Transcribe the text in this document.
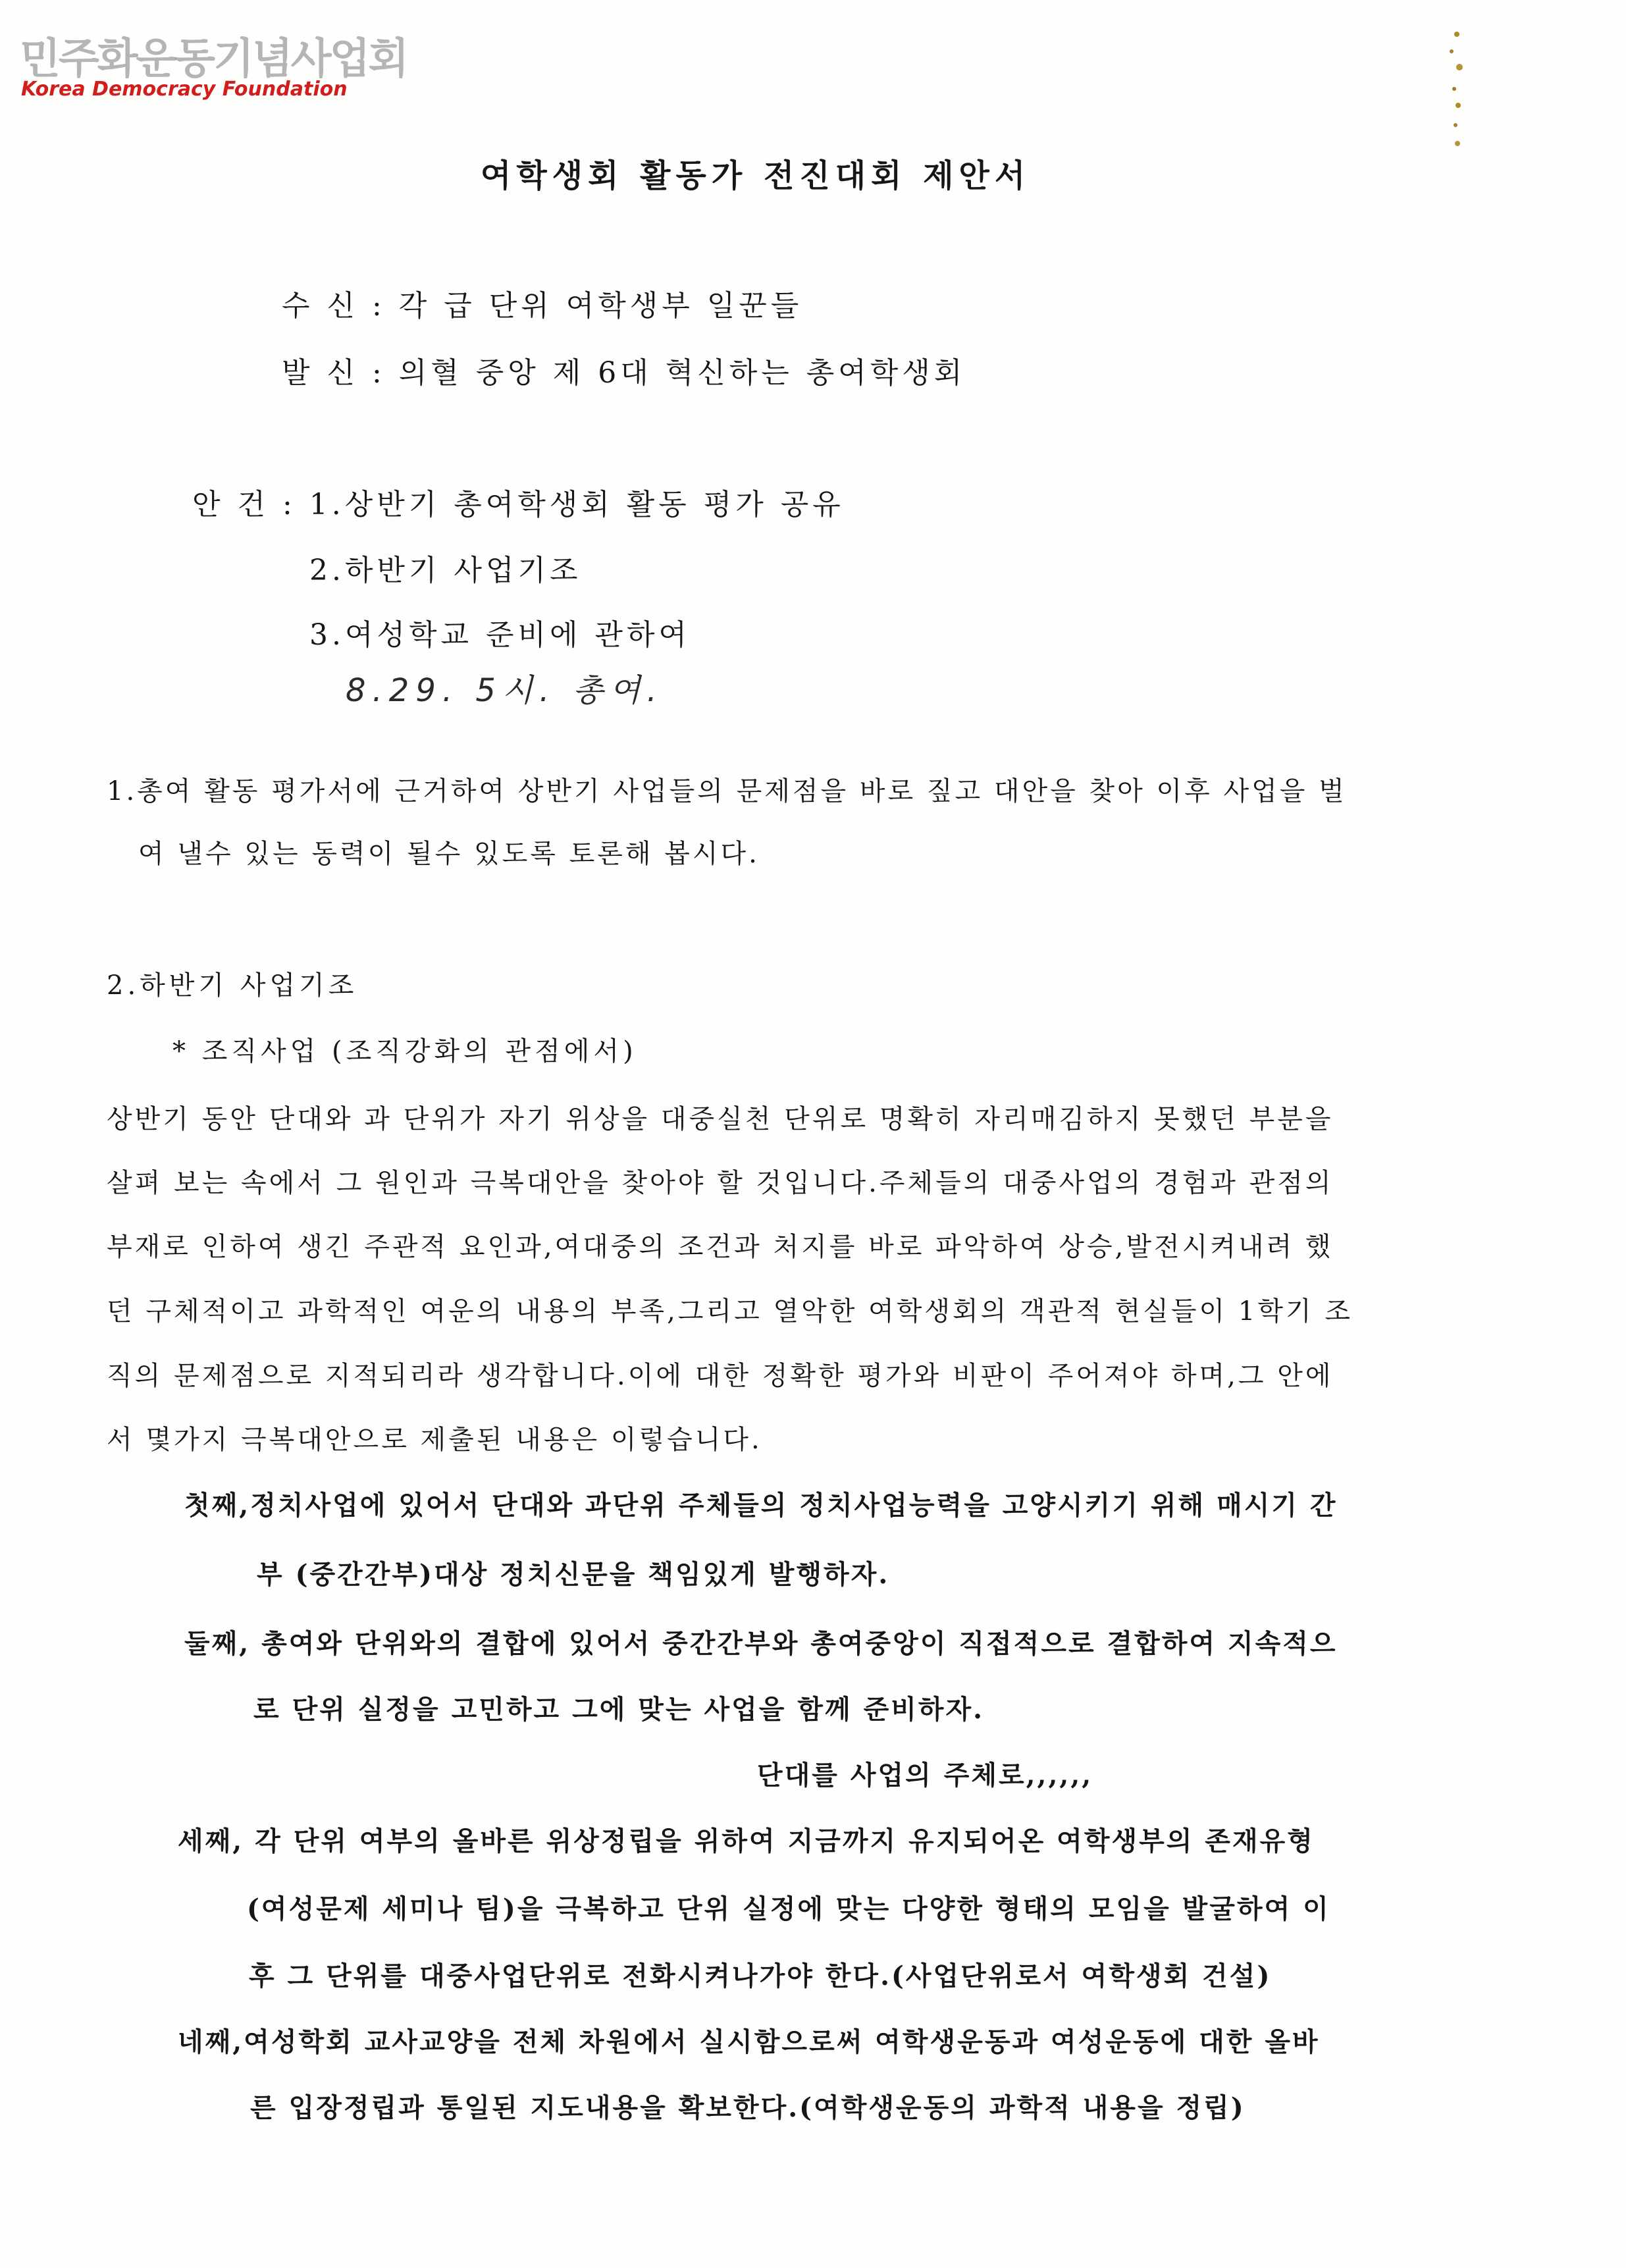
민주화운동기념사업회
Korea Democracy Foundation
여학생회 활동가 전진대회 제안서
수 신 : 각 급 단위 여학생부 일꾼들
발 신 : 의혈 중앙 제 6대 혁신하는 총여학생회
안 건 : 1.상반기 총여학생회 활동 평가 공유
2.하반기 사업기조
3.여성학교 준비에 관하여
8.29. 5시. 총여.
1.총여 활동 평가서에 근거하여 상반기 사업들의 문제점을 바로 짚고 대안을 찾아 이후 사업을 벌
여 낼수 있는 동력이 될수 있도록 토론해 봅시다.
2.하반기 사업기조
* 조직사업 (조직강화의 관점에서)
상반기 동안 단대와 과 단위가 자기 위상을 대중실천 단위로 명확히 자리매김하지 못했던 부분을
살펴 보는 속에서 그 원인과 극복대안을 찾아야 할 것입니다.주체들의 대중사업의 경험과 관점의
부재로 인하여 생긴 주관적 요인과,여대중의 조건과 처지를 바로 파악하여 상승,발전시켜내려 했
던 구체적이고 과학적인 여운의 내용의 부족,그리고 열악한 여학생회의 객관적 현실들이 1학기 조
직의 문제점으로 지적되리라 생각합니다.이에 대한 정확한 평가와 비판이 주어져야 하며,그 안에
서 몇가지 극복대안으로 제출된 내용은 이렇습니다.
첫째,정치사업에 있어서 단대와 과단위 주체들의 정치사업능력을 고양시키기 위해 매시기 간
부 (중간간부)대상 정치신문을 책임있게 발행하자.
둘째, 총여와 단위와의 결합에 있어서 중간간부와 총여중앙이 직접적으로 결합하여 지속적으
로 단위 실정을 고민하고 그에 맞는 사업을 함께 준비하자.
단대를 사업의 주체로,,,,,,
세째, 각 단위 여부의 올바른 위상정립을 위하여 지금까지 유지되어온 여학생부의 존재유형
(여성문제 세미나 팀)을 극복하고 단위 실정에 맞는 다양한 형태의 모임을 발굴하여 이
후 그 단위를 대중사업단위로 전화시켜나가야 한다.(사업단위로서 여학생회 건설)
네째,여성학회 교사교양을 전체 차원에서 실시함으로써 여학생운동과 여성운동에 대한 올바
른 입장정립과 통일된 지도내용을 확보한다.(여학생운동의 과학적 내용을 정립)
